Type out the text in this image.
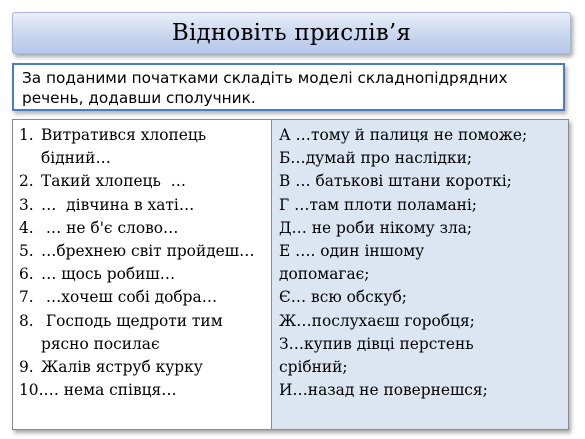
Відновіть прислів’я
За поданими початками складіть моделі складнопідрядних
речень, додавши сполучник.
1. Витратився хлопець
бідний…
2. Такий хлопець  …
3. …  дівчина в хаті…
4. … не б'є слово…
5. …брехнею світ пройдеш…
6. … щось робиш…
7. …хочеш собі добра…
8. Господь щедроти тим
рясно посилає
9. Жалів яструб курку
10. … нема співця…
А …тому й палиця не поможе;
Б…думай про наслідки;
В … батькові штани короткі;
Г …там плоти поламані;
Д… не роби нікому зла;
Е …. один іншому
допомагає;
Є… всю обскуб;
Ж…послухаєш горобця;
З…купив дівці перстень
срібний;
И…назад не повернешся;
